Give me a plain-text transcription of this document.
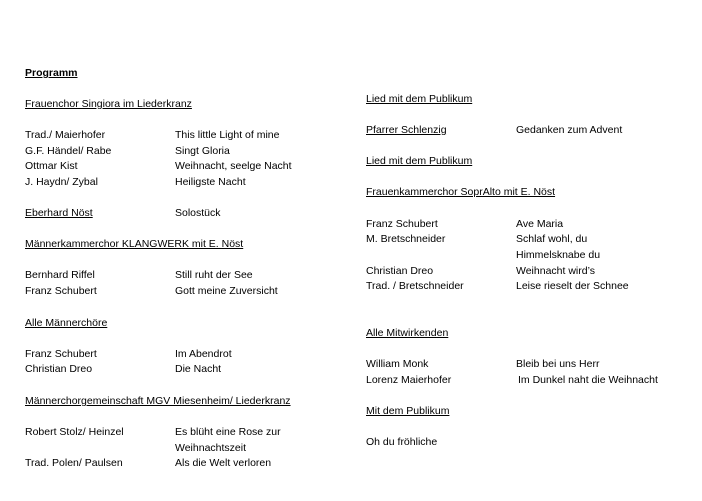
Programm
Frauenchor Singiora im Liederkranz
Trad./ Maierhofer	This little Light of mine
G.F. Händel/ Rabe	Singt Gloria
Ottmar Kist	Weihnacht, seelge Nacht
J. Haydn/ Zybal	Heiligste Nacht
Eberhard Nöst	Solostück
Männerkammerchor KLANGWERK mit E. Nöst
Bernhard Riffel	Still ruht der See
Franz Schubert	Gott meine Zuversicht
Alle Männerchöre
Franz Schubert	Im Abendrot
Christian Dreo	Die Nacht
Männerchorgemeinschaft MGV Miesenheim/ Liederkranz
Robert Stolz/ Heinzel	Es blüht eine Rose zur
Weihnachtszeit
Trad. Polen/ Paulsen	Als die Welt verloren
Lied mit dem Publikum
Pfarrer Schlenzig	Gedanken zum Advent
Lied mit dem Publikum
Frauenkammerchor SoprAlto mit E. Nöst
Franz Schubert	Ave Maria
M. Bretschneider	Schlaf wohl, du
Himmelsknabe du
Christian Dreo	Weihnacht wird’s
Trad. / Bretschneider	Leise rieselt der Schnee
Alle Mitwirkenden
William Monk	Bleib bei uns Herr
Lorenz Maierhofer	Im Dunkel naht die Weihnacht
Mit dem Publikum
Oh du fröhliche
